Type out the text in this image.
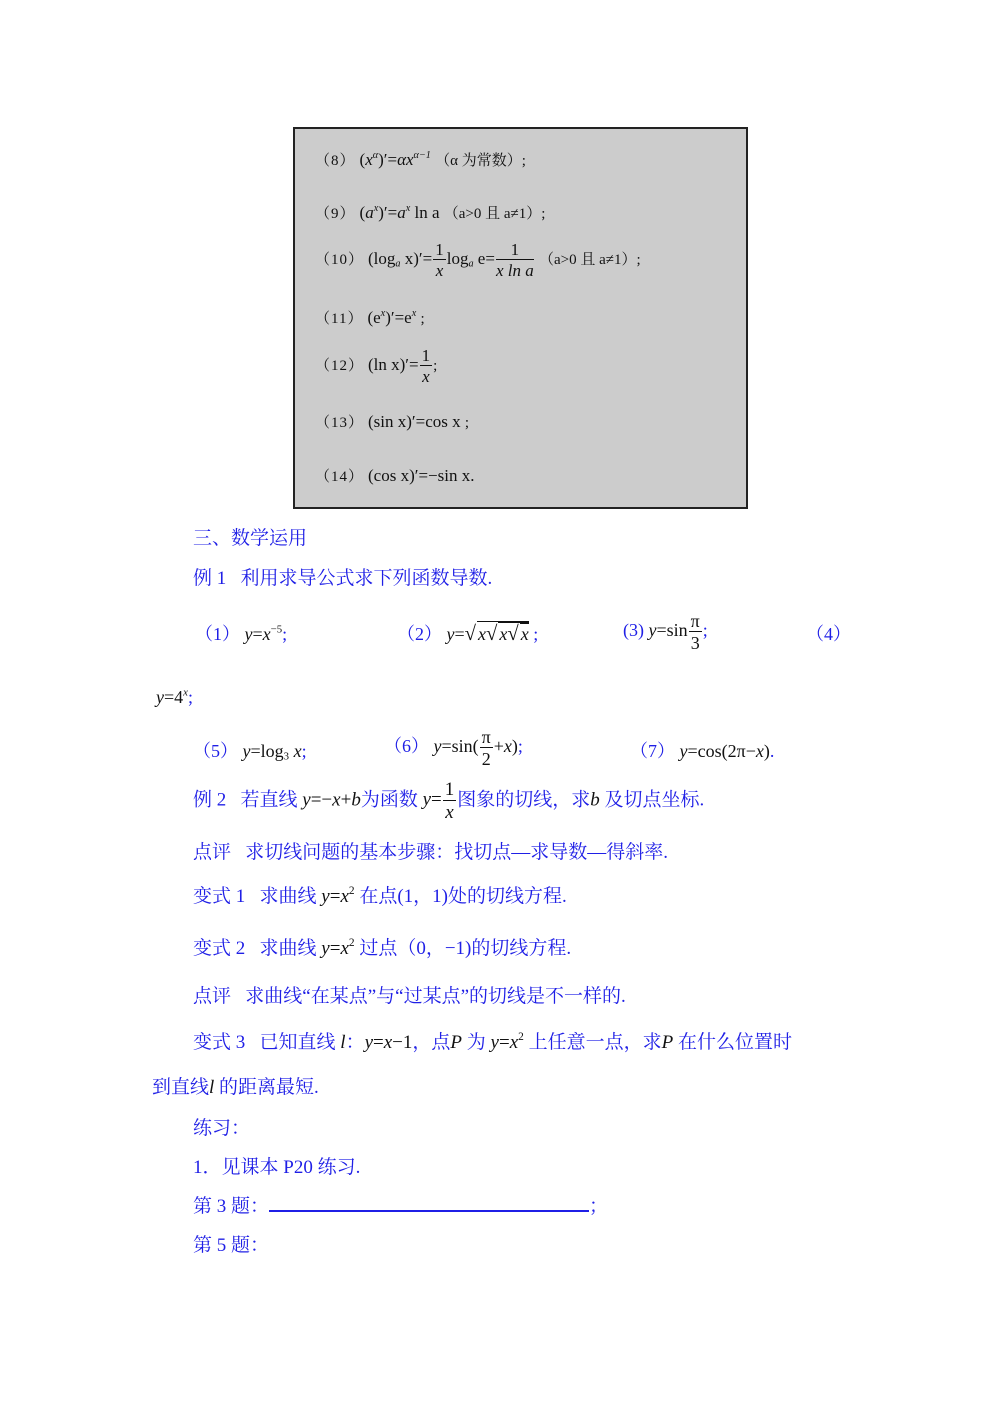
（8） $(x^\alpha)'=\alpha x^{\alpha-1}$ （α 为常数）;
（9） $(a^x)'=a^x$ ln a （a>0 且 a≠1）;
（10） ($\log_a$ $x)'= \frac{1}{x} \log_a e= \frac{1}{\text{x ln a}} (a>0$ 且 a≠1）;
（11） $(e^x)'=e^x$ ;
（12） (ln $x)'= \frac{1}{x}$ ;
（13） (sin x)′=cos x ;
（14） (cos x)′=−sin x.
三、数学运用
例 1 利用求导公式求下列函数导数.
（1） $y=x^{-5}$;	（2） y=√ x√ x√ x ;	(3) $y=\sin \frac{\pi}{3}$ ;	（4）
$y=4^x$;
（5） $y=\log_3$ x;	（6） $y=\sin( \frac{\pi}{2} +x)$;	（7） y=cos(2π−x).
例 2 若直线 y=−x+b为函数 $y= \frac{1}{x}$ 图象的切线，求b 及切点坐标.
点评 求切线问题的基本步骤：找切点—求导数—得斜率.
变式 1 求曲线 $y=x^2$ 在点(1，1)处的切线方程.
变式 2 求曲线 $y=x^2$ 过点（0，−1)的切线方程.
点评 求曲线“在某点”与“过某点”的切线是不一样的.
变式 3 已知直线 l：y=x−1，点P 为 $y=x^2$ 上任意一点，求P 在什么位置时
到直线l 的距离最短.
练习：
1．见课本 P20 练习.
第 3 题：	；
第 5 题：
